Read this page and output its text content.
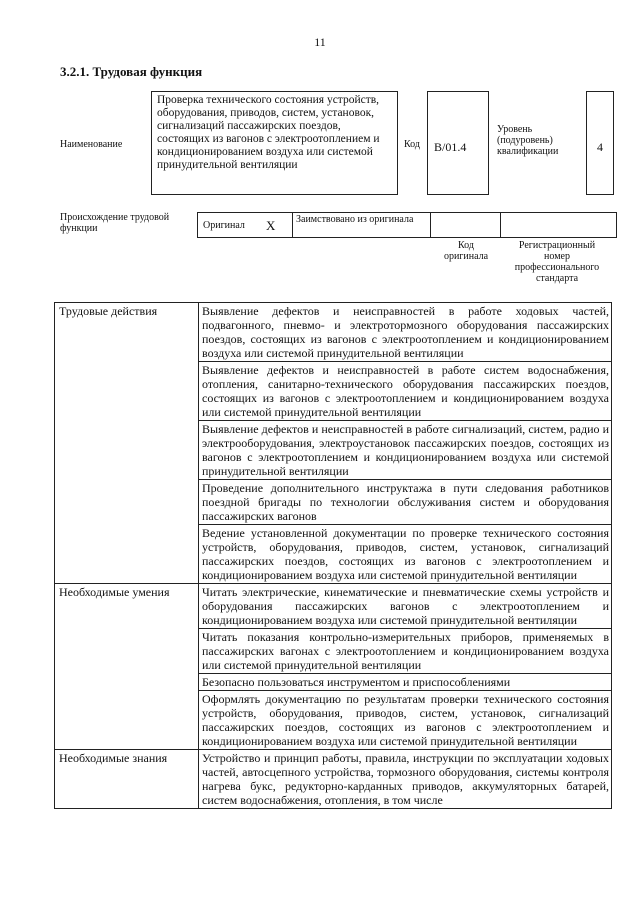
11
3.2.1. Трудовая функция
Наименование
Проверка технического состояния устройств, оборудования, приводов, систем, установок, сигнализаций пассажирских поездов, состоящих из вагонов с электроотоплением и кондиционированием воздуха или системой принудительной вентиляции
Код	B/01.4
Уровень (подуровень) квалификации	4
Происхождение трудовой функции	Оригинал X	Заимствовано из оригинала
Код оригинала
Регистрационный номер профессионального стандарта
Трудовые действия	Выявление дефектов и неисправностей в работе ходовых частей, подвагонного, пневмо- и электротормозного оборудования пассажирских поездов, состоящих из вагонов с электроотоплением и кондиционированием воздуха или системой принудительной вентиляции
	Выявление дефектов и неисправностей в работе систем водоснабжения, отопления, санитарно-технического оборудования пассажирских поездов, состоящих из вагонов с электроотоплением и кондиционированием воздуха или системой принудительной вентиляции
	Выявление дефектов и неисправностей в работе сигнализаций, систем, радио и электрооборудования, электроустановок пассажирских поездов, состоящих из вагонов с электроотоплением и кондиционированием воздуха или системой принудительной вентиляции
	Проведение дополнительного инструктажа в пути следования работников поездной бригады по технологии обслуживания систем и оборудования пассажирских вагонов
	Ведение установленной документации по проверке технического состояния устройств, оборудования, приводов, систем, установок, сигнализаций пассажирских поездов, состоящих из вагонов с электроотоплением и кондиционированием воздуха или системой принудительной вентиляции
Необходимые умения	Читать электрические, кинематические и пневматические схемы устройств и оборудования пассажирских вагонов с электроотоплением и кондиционированием воздуха или системой принудительной вентиляции
	Читать показания контрольно-измерительных приборов, применяемых в пассажирских вагонах с электроотоплением и кондиционированием воздуха или системой принудительной вентиляции
	Безопасно пользоваться инструментом и приспособлениями
	Оформлять документацию по результатам проверки технического состояния устройств, оборудования, приводов, систем, установок, сигнализаций пассажирских поездов, состоящих из вагонов с электроотоплением и кондиционированием воздуха или системой принудительной вентиляции
Необходимые знания	Устройство и принцип работы, правила, инструкции по эксплуатации ходовых частей, автосцепного устройства, тормозного оборудования, системы контроля нагрева букс, редукторно-карданных приводов, аккумуляторных батарей, систем водоснабжения, отопления, в том числе
